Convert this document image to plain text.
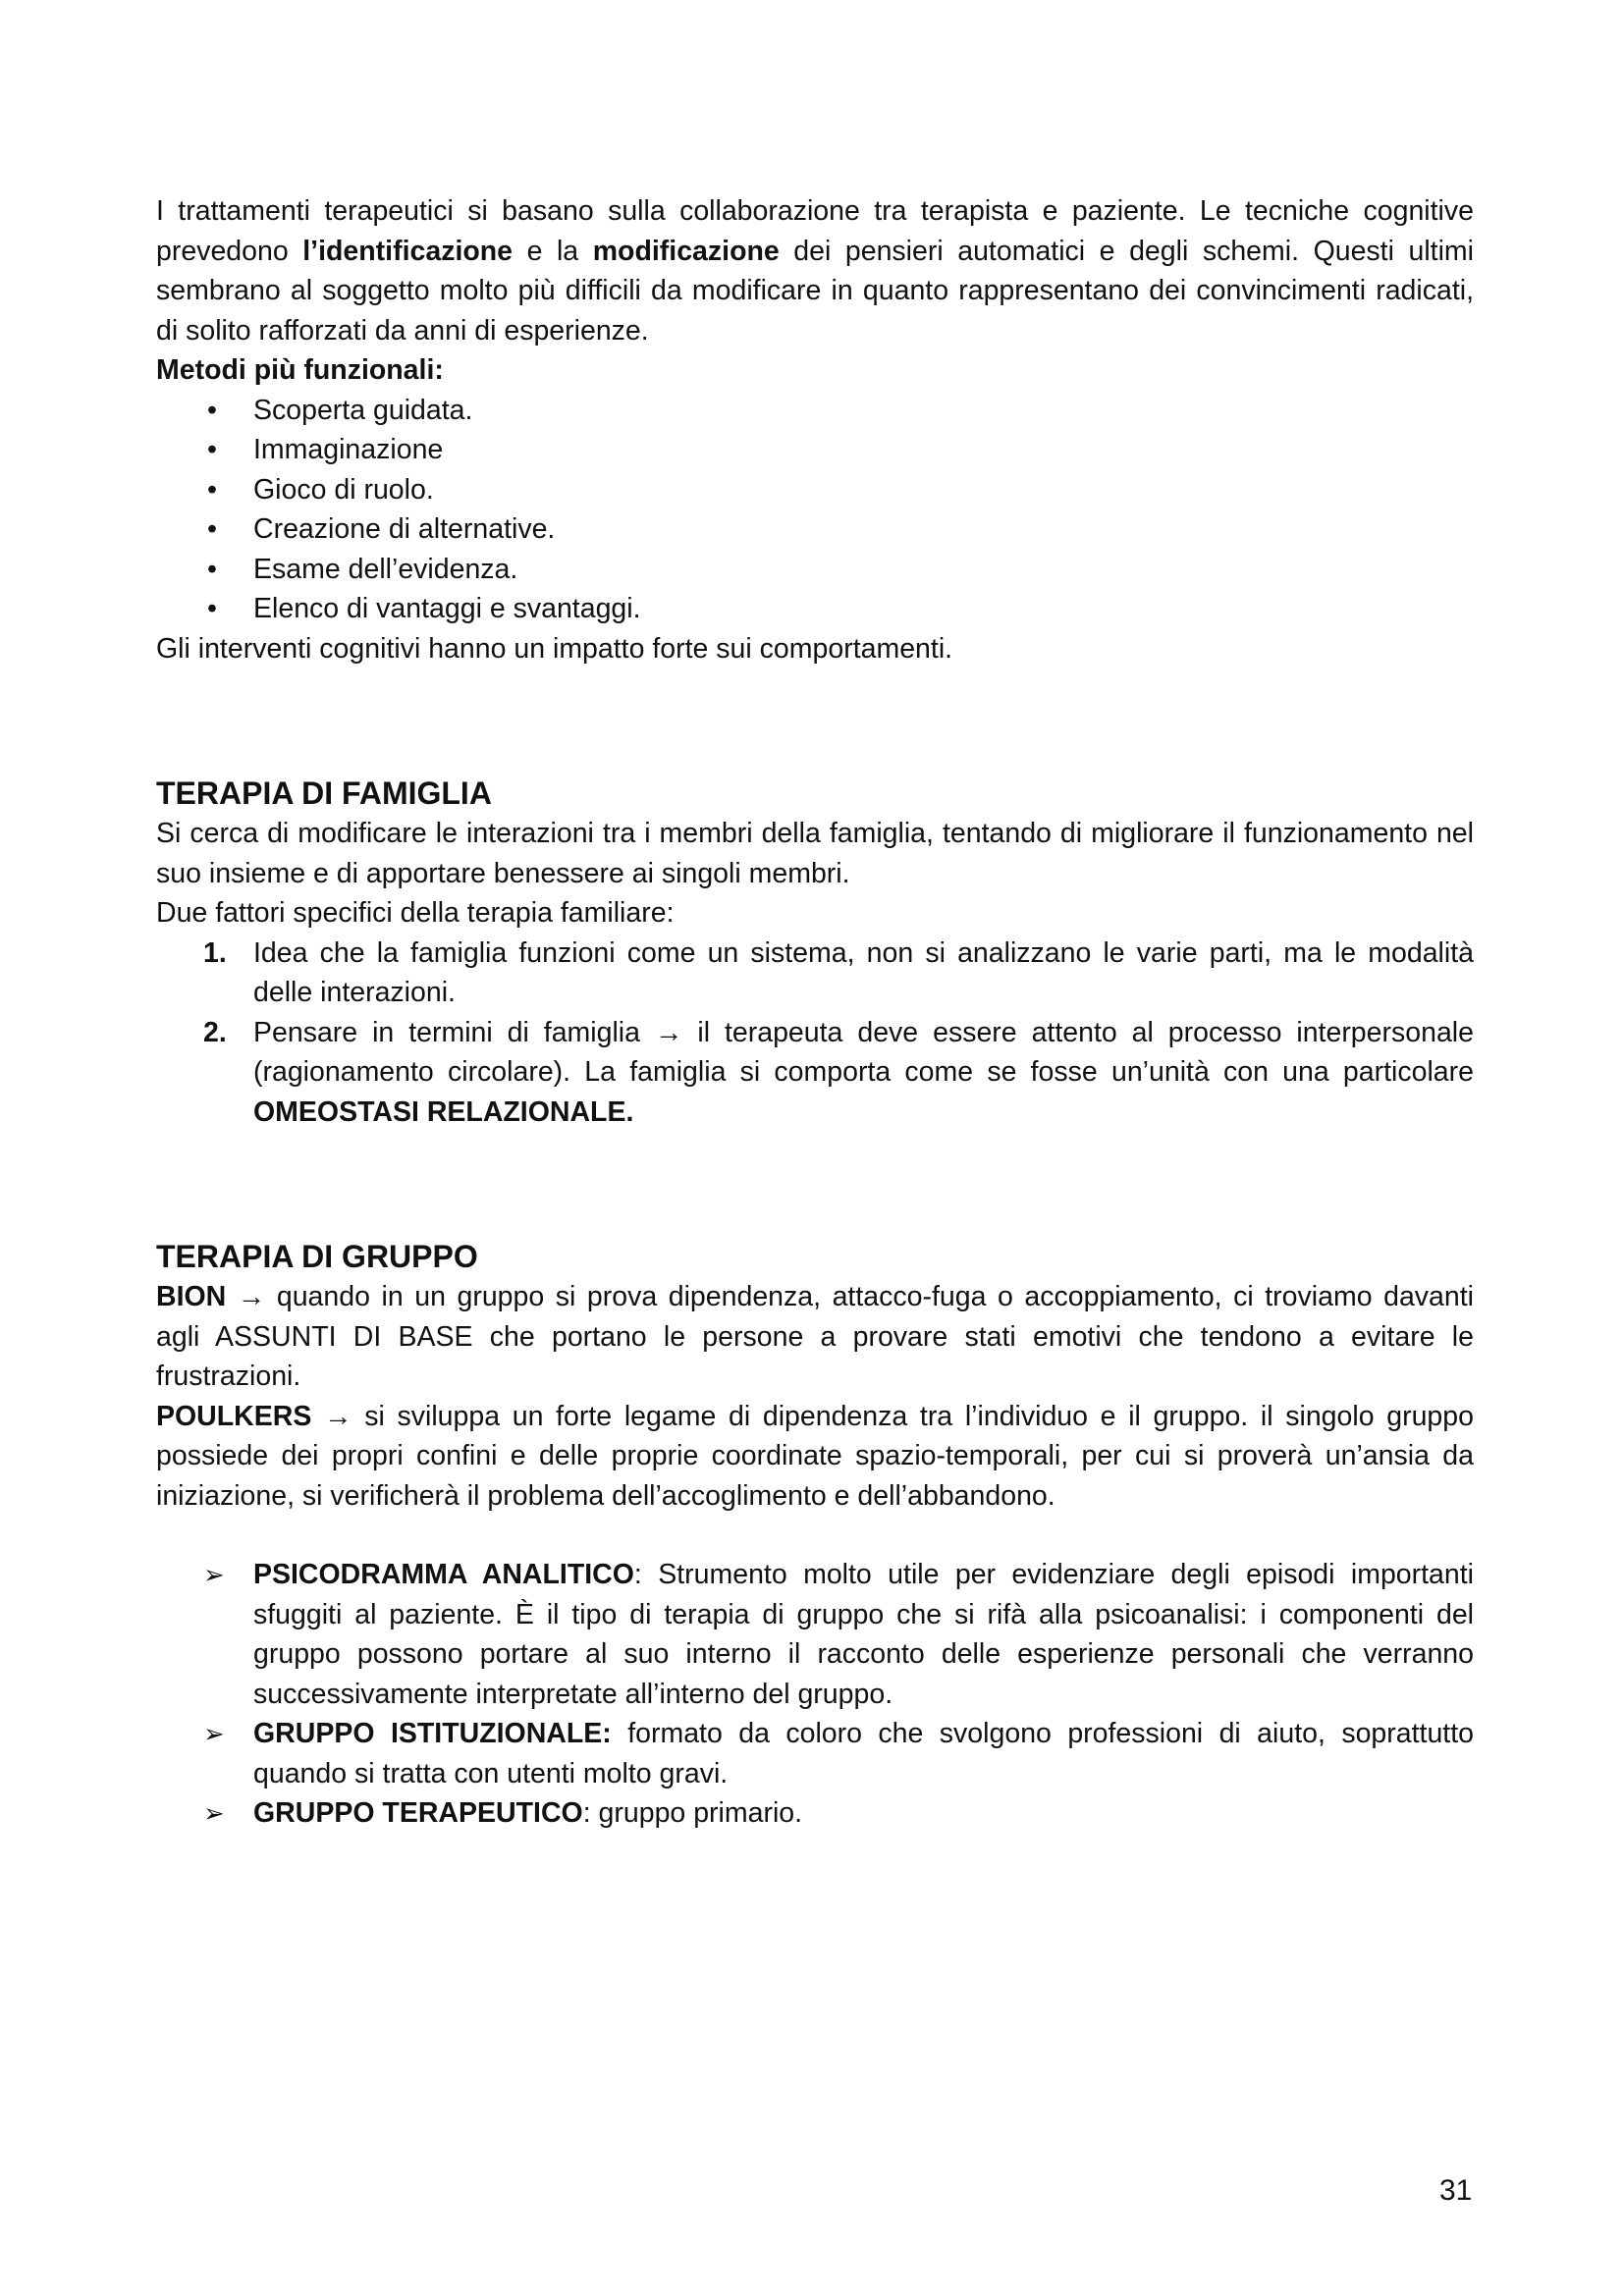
I trattamenti terapeutici si basano sulla collaborazione tra terapista e paziente. Le tecniche cognitive prevedono l’identificazione e la modificazione dei pensieri automatici e degli schemi. Questi ultimi sembrano al soggetto molto più difficili da modificare in quanto rappresentano dei convincimenti radicati, di solito rafforzati da anni di esperienze.

Metodi più funzionali:

• Scoperta guidata.
• Immaginazione
• Gioco di ruolo.
• Creazione di alternative.
• Esame dell’evidenza.
• Elenco di vantaggi e svantaggi.

Gli interventi cognitivi hanno un impatto forte sui comportamenti.

TERAPIA DI FAMIGLIA

Si cerca di modificare le interazioni tra i membri della famiglia, tentando di migliorare il funzionamento nel suo insieme e di apportare benessere ai singoli membri.

Due fattori specifici della terapia familiare:

1. Idea che la famiglia funzioni come un sistema, non si analizzano le varie parti, ma le modalità delle interazioni.
2. Pensare in termini di famiglia → il terapeuta deve essere attento al processo interpersonale (ragionamento circolare). La famiglia si comporta come se fosse un’unità con una particolare OMEOSTASI RELAZIONALE.
TERAPIA DI GRUPPO

BION → quando in un gruppo si prova dipendenza, attacco-fuga o accoppiamento, ci troviamo davanti agli ASSUNTI DI BASE che portano le persone a provare stati emotivi che tendono a evitare le frustrazioni.

POULKERS → si sviluppa un forte legame di dipendenza tra l’individuo e il gruppo. il singolo gruppo possiede dei propri confini e delle proprie coordinate spazio-temporali, per cui si proverà un’ansia da iniziazione, si verificherà il problema dell’accoglimento e dell’abbandono.

➢ PSICODRAMMA ANALITICO: Strumento molto utile per evidenziare degli episodi importanti sfuggiti al paziente. È il tipo di terapia di gruppo che si rifà alla psicoanalisi: i componenti del gruppo possono portare al suo interno il racconto delle esperienze personali che verranno successivamente interpretate all’interno del gruppo.
➢ GRUPPO ISTITUZIONALE: formato da coloro che svolgono professioni di aiuto, soprattutto quando si tratta con utenti molto gravi.
➢ GRUPPO TERAPEUTICO: gruppo primario.
31
